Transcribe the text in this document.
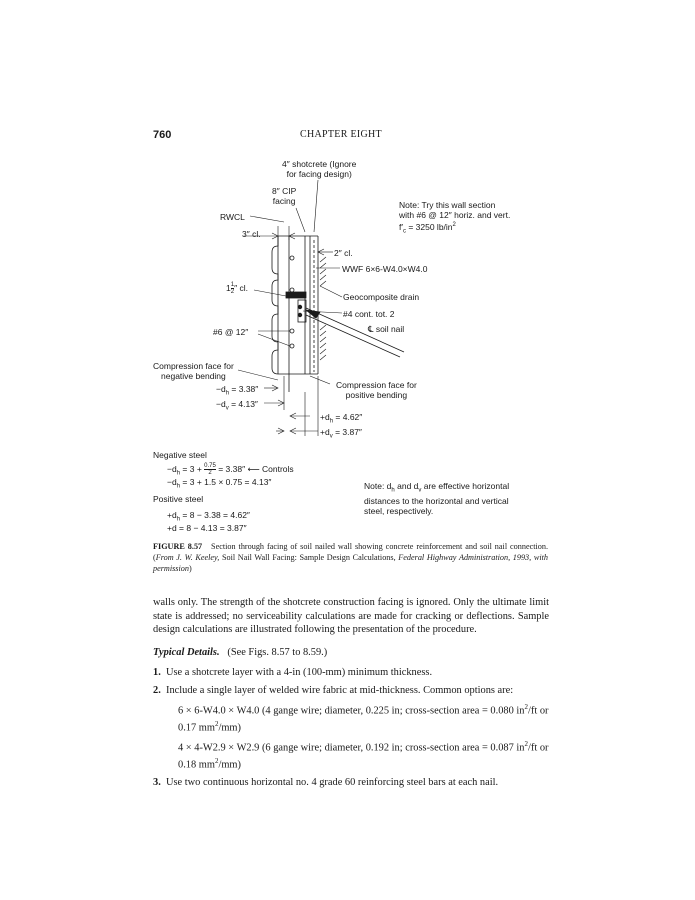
760	CHAPTER EIGHT
4″ shotcrete (Ignore
for facing design)
8″ CIP
facing
RWCL
3″ cl.
Note: Try this wall section
with #6 @ 12″ horiz. and vert.
$f'_c = 3250$ $lb/in^2$
2″ cl.
WWF 6×6-W4.0×W4.0
$1 \frac{1}{2}$ ″ cl.
Geocomposite drain
#4 cont. tot. 2
℄ soil nail
#6 @ 12″
Compression face for
negative bending
$-d_h = 3.38''$
$-d_v = 4.13''$
Compression face for
positive bending
$+d_h = 4.62''$
$+d_v = 3.87''$
Negative steel
$-d_h = 3 + \frac{0.75}{2} = 3.38''$ ⟵ Controls
$-d_h = 3 + 1.5 \times 0.75 = 4.13''$
Positive steel
$+d_h = 8 - 3.38 = 4.62''$
+d = 8 − 4.13 = 3.87″
Note: $d_h$ and $d_v$ are effective horizontal
distances to the horizontal and vertical
steel, respectively.
FIGURE 8.57 Section through facing of soil nailed wall showing concrete reinforcement and soil nail connection. (From J. W. Keeley, Soil Nail Wall Facing: Sample Design Calculations, Federal Highway Administration, 1993, with permission)

walls only. The strength of the shotcrete construction facing is ignored. Only the ultimate limit state is addressed; no serviceability calculations are made for cracking or deflections. Sample design calculations are illustrated following the presentation of the procedure.

Typical Details. (See Figs. 8.57 to 8.59.)

1. Use a shotcrete layer with a 4-in (100-mm) minimum thickness.
2. Include a single layer of welded wire fabric at mid-thickness. Common options are:
6 × 6-W4.0 × W4.0 (4 gange wire; diameter, 0.225 in; cross-section area = 0.080 $in^2/ft$ or 0.17 $mm^2/mm$)
4 × 4-W2.9 × W2.9 (6 gange wire; diameter, 0.192 in; cross-section area = 0.087 $in^2/ft$ or 0.18 $mm^2/mm$)
3. Use two continuous horizontal no. 4 grade 60 reinforcing steel bars at each nail.
